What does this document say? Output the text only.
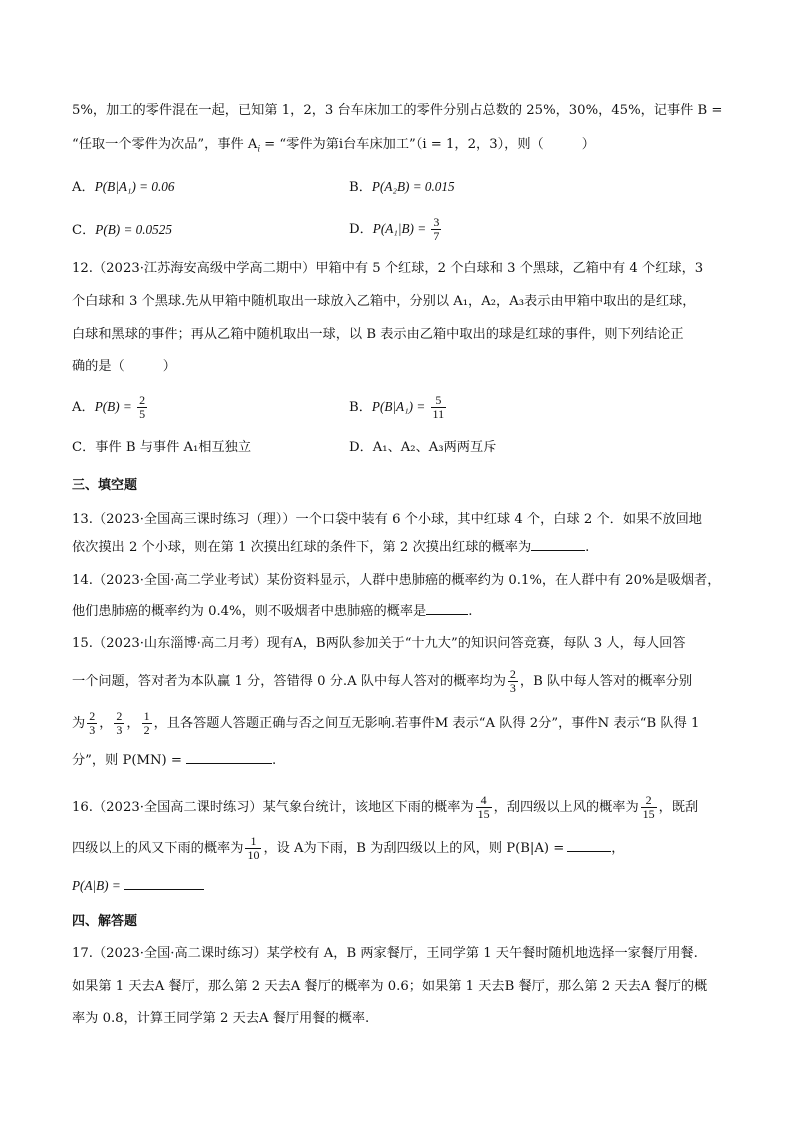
5%，加工的零件混在一起，已知第 1，2，3 台车床加工的零件分别占总数的 25%，30%，45%，记事件 B =
“任取一个零件为次品”，事件 $A_i$ = “零件为第i台车床加工”（i = 1，2，3），则（	）
A．P(B|A₁) = 0.06	B．P(A₂B) = 0.015
C．P(B) = 0.0525	D．$P(A_1|B) = \frac{3}{7}$
12.（2023·江苏海安高级中学高二期中）甲箱中有 5 个红球，2 个白球和 3 个黑球，乙箱中有 4 个红球，3
个白球和 3 个黑球.先从甲箱中随机取出一球放入乙箱中，分别以 A₁，A₂，A₃表示由甲箱中取出的是红球，
白球和黑球的事件；再从乙箱中随机取出一球，以 B 表示由乙箱中取出的球是红球的事件，则下列结论正
确的是（	）
A．$P(B) = \frac{2}{5}$	B．$P(B|A_1) = \frac{5}{11}$
C．事件 B 与事件 A₁相互独立	D．A₁、A₂、A₃两两互斥
三、填空题
13.（2023·全国高三课时练习（理））一个口袋中装有 6 个小球，其中红球 4 个，白球 2 个．如果不放回地
依次摸出 2 个小球，则在第 1 次摸出红球的条件下，第 2 次摸出红球的概率为	.
14.（2023·全国·高二学业考试）某份资料显示，人群中患肺癌的概率约为 0.1%，在人群中有 20%是吸烟者，
他们患肺癌的概率约为 0.4%，则不吸烟者中患肺癌的概率是	.
15.（2023·山东淄博·高二月考）现有A，B两队参加关于“十九大”的知识问答竞赛，每队 3 人，每人回答
一个问题，答对者为本队赢 1 分，答错得 0 分.A 队中每人答对的概率均为 $\frac{2}{3}$ ，B 队中每人答对的概率分别
为 $\frac{2}{3}$ ， $\frac{2}{3}$ ， $\frac{1}{2}$ ，且各答题人答题正确与否之间互无影响.若事件M 表示“A 队得 2分”，事件N 表示“B 队得 1
分”，则 P(MN) =	.
16.（2023·全国高二课时练习）某气象台统计，该地区下雨的概率为 $\frac{4}{15}$ ，刮四级以上风的概率为 $\frac{2}{15}$ ，既刮
四级以上的风又下雨的概率为 $\frac{1}{10}$ ，设 A为下雨，B 为刮四级以上的风，则 P(B|A) =	，
P(A|B) =
四、解答题
17.（2023·全国·高二课时练习）某学校有 A，B 两家餐厅，王同学第 1 天午餐时随机地选择一家餐厅用餐.
如果第 1 天去A 餐厅，那么第 2 天去A 餐厅的概率为 0.6；如果第 1 天去B 餐厅，那么第 2 天去A 餐厅的概
率为 0.8，计算王同学第 2 天去A 餐厅用餐的概率.
